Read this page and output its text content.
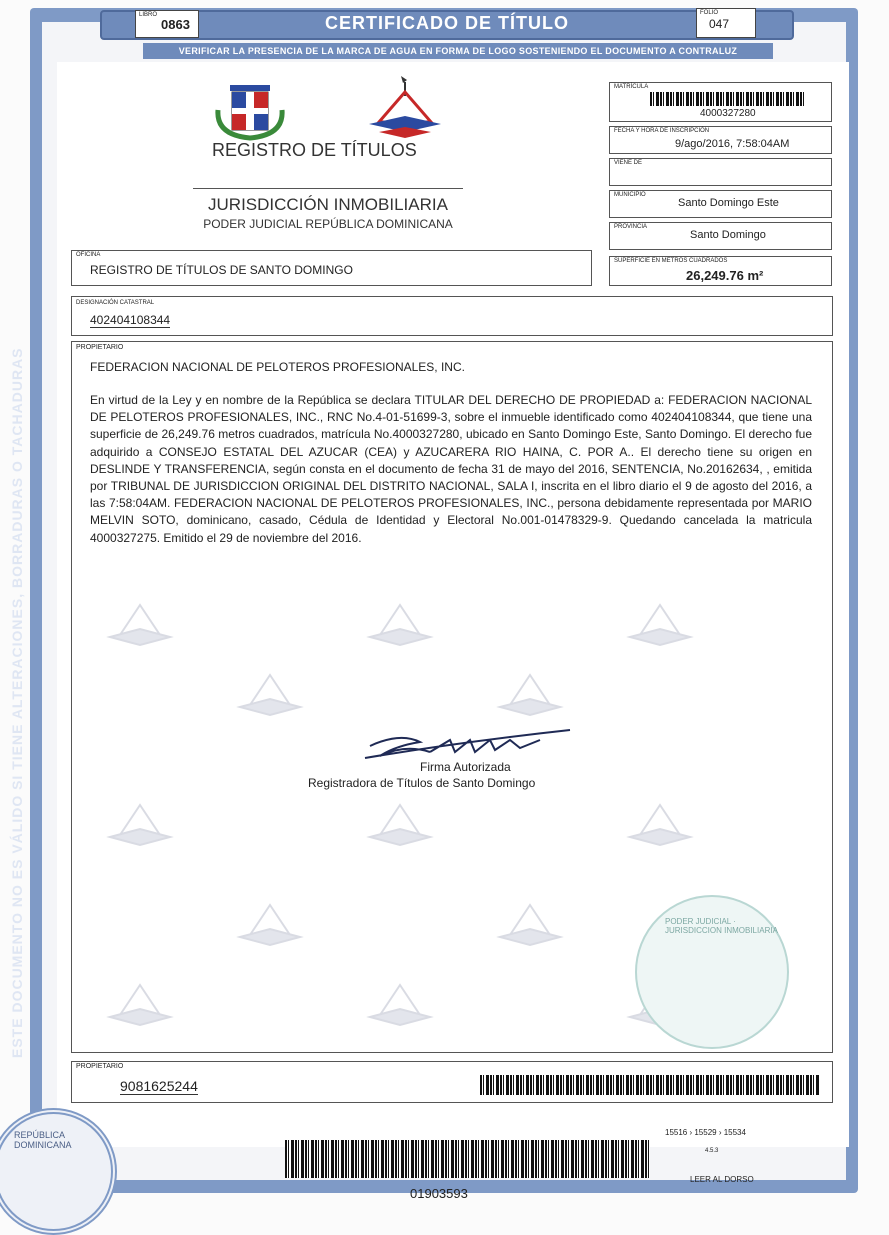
ESTE DOCUMENTO NO ES VÁLIDO SI TIENE ALTERACIONES, BORRADURAS O TACHADURAS
CERTIFICADO DE TÍTULO
LIBRO
0863
FOLIO
047
VERIFICAR LA PRESENCIA DE LA MARCA DE AGUA EN FORMA DE LOGO SOSTENIENDO EL DOCUMENTO A CONTRALUZ
REGISTRO DE TÍTULOS
JURISDICCIÓN INMOBILIARIA
PODER JUDICIAL REPÚBLICA DOMINICANA
MATRÍCULA
4000327280
FECHA Y HORA DE INSCRIPCIÓN
9/ago/2016, 7:58:04AM
VIENE DE
MUNICIPIO
Santo Domingo Este
PROVINCIA
Santo Domingo
SUPERFICIE EN METROS CUADRADOS
26,249.76 m²
OFICINA
REGISTRO DE TÍTULOS DE SANTO DOMINGO
DESIGNACIÓN CATASTRAL
402404108344
PROPIETARIO
FEDERACION NACIONAL DE PELOTEROS PROFESIONALES, INC.
En virtud de la Ley y en nombre de la República se declara TITULAR DEL DERECHO DE PROPIEDAD a: FEDERACION NACIONAL DE PELOTEROS PROFESIONALES, INC., RNC No.4-01-51699-3, sobre el inmueble identificado como 402404108344, que tiene una superficie de 26,249.76 metros cuadrados, matrícula No.4000327280, ubicado en Santo Domingo Este, Santo Domingo. El derecho fue adquirido a CONSEJO ESTATAL DEL AZUCAR (CEA) y AZUCARERA RIO HAINA, C. POR A.. El derecho tiene su origen en DESLINDE Y TRANSFERENCIA, según consta en el documento de fecha 31 de mayo del 2016, SENTENCIA, No.20162634, , emitida por TRIBUNAL DE JURISDICCION ORIGINAL DEL DISTRITO NACIONAL, SALA I, inscrita en el libro diario el 9 de agosto del 2016, a las 7:58:04AM. FEDERACION NACIONAL DE PELOTEROS PROFESIONALES, INC., persona debidamente representada por MARIO MELVIN SOTO, dominicano, casado, Cédula de Identidad y Electoral No.001-01478329-9. Quedando cancelada la matricula 4000327275. Emitido el 29 de noviembre del 2016.
Firma Autorizada
Registradora de Títulos de Santo Domingo
PODER JUDICIAL · JURISDICCION INMOBILIARIA
PROPIETARIO
9081625244
15516 › 15529 › 15534
4.5.3
LEER AL DORSO
01903593
REPÚBLICA DOMINICANA
